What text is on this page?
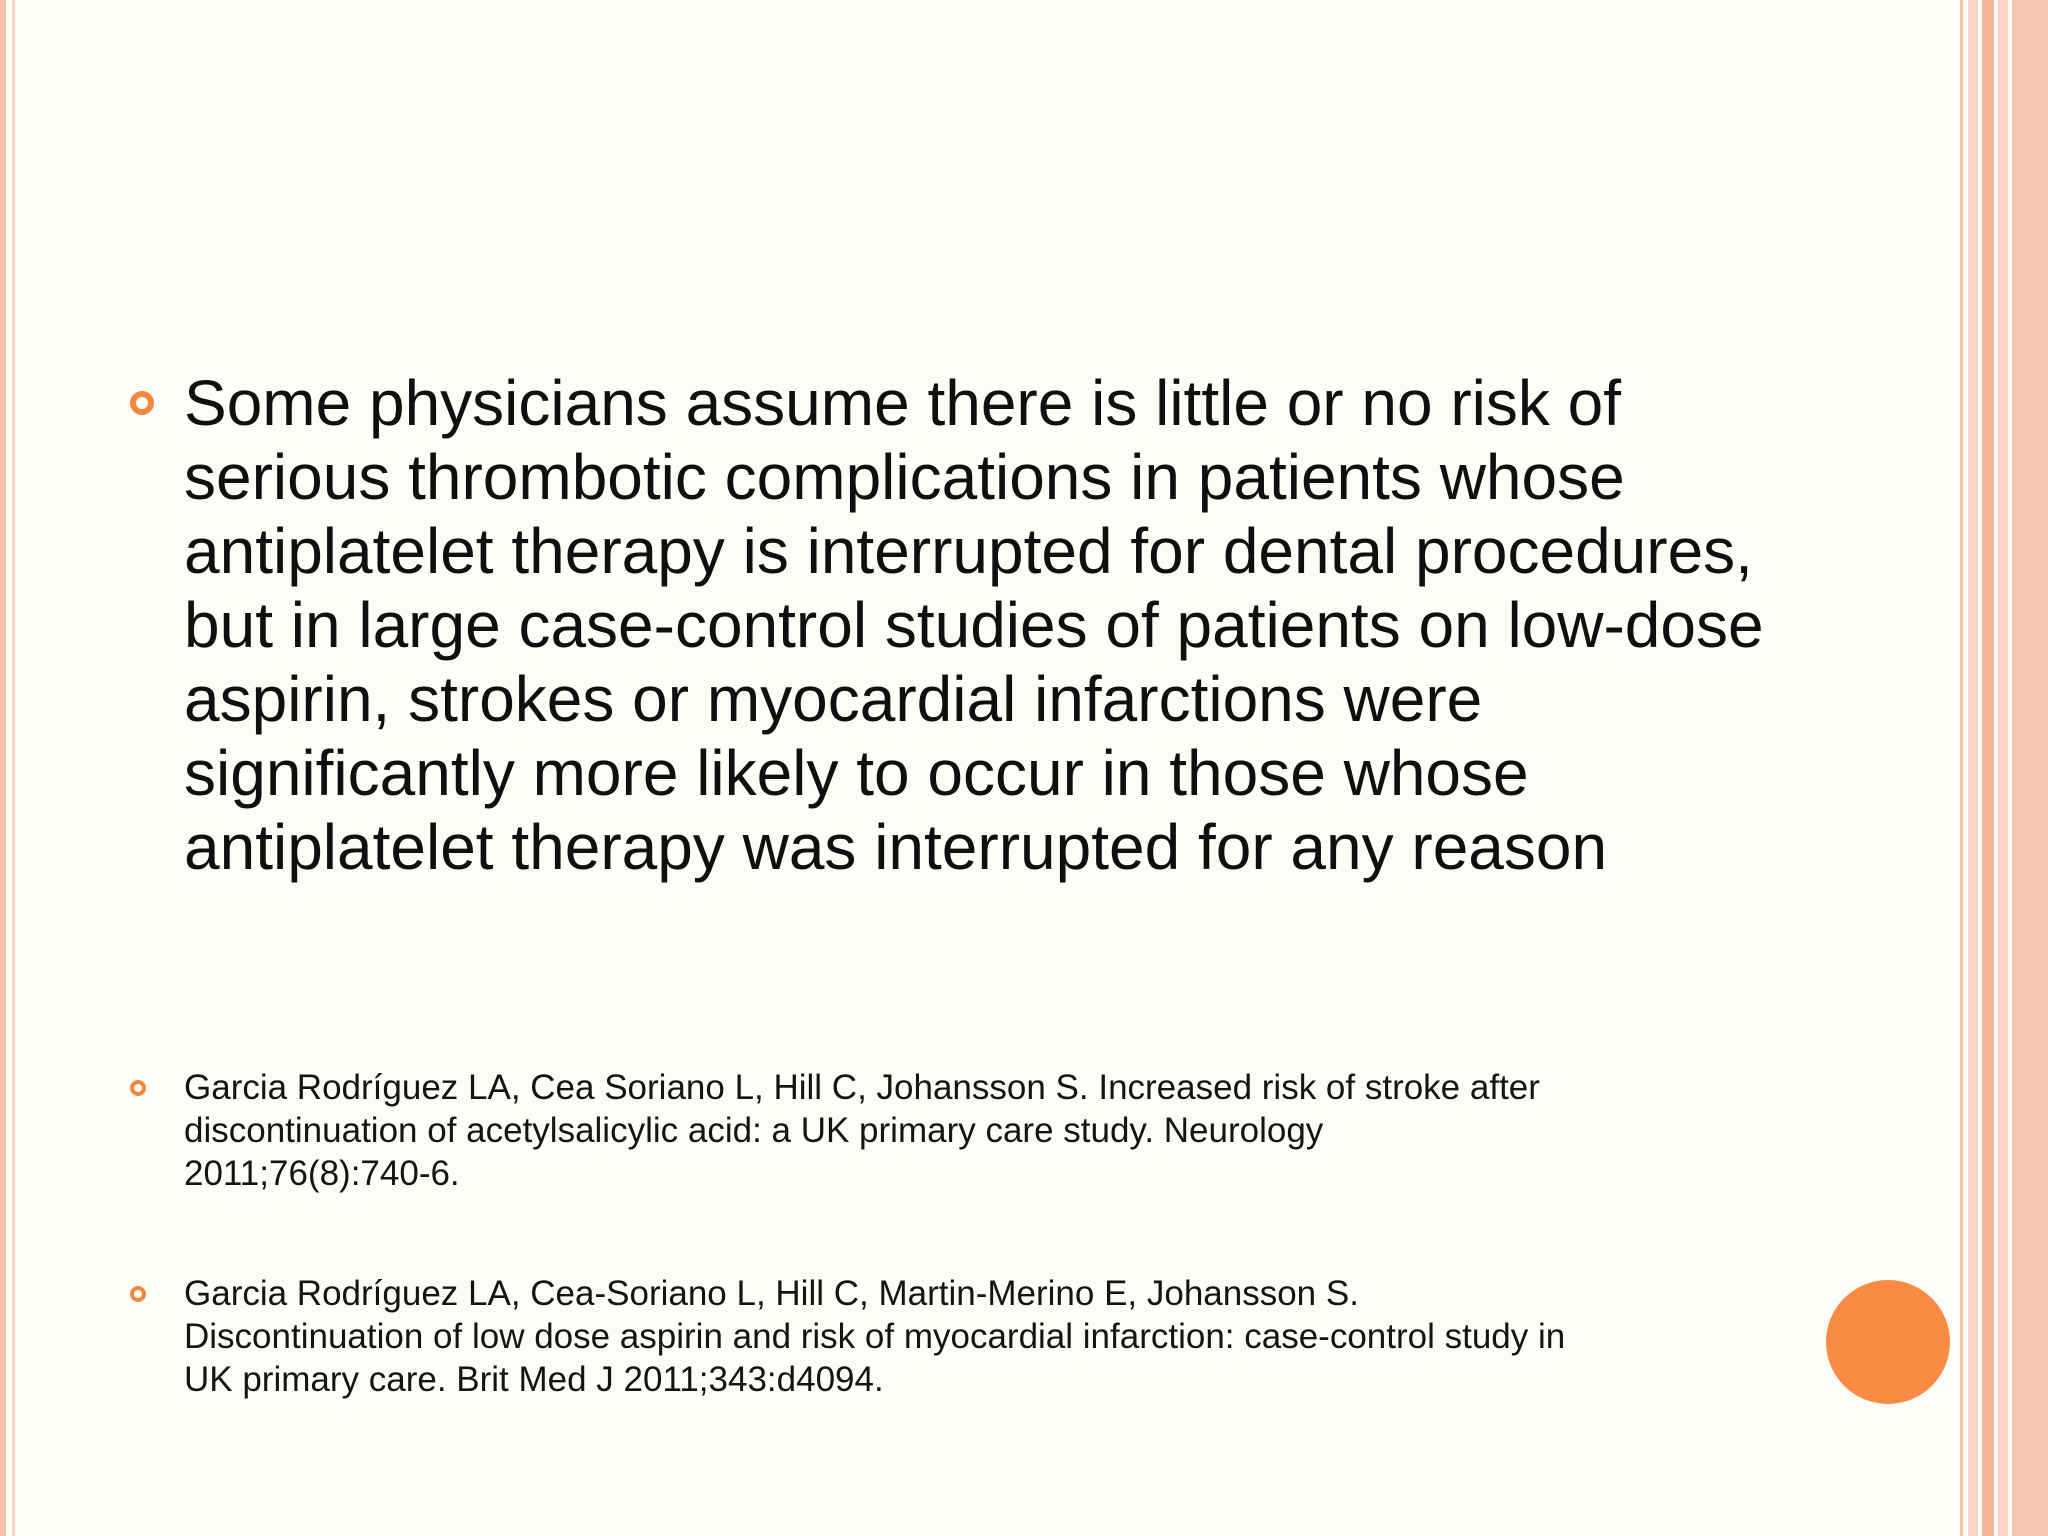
Some physicians assume there is little or no risk of serious thrombotic complications in patients whose antiplatelet therapy is interrupted for dental procedures, but in large case-control studies of patients on low-dose aspirin, strokes or myocardial infarctions were significantly more likely to occur in those whose antiplatelet therapy was interrupted for any reason
Garcia Rodríguez LA, Cea Soriano L, Hill C, Johansson S. Increased risk of stroke after
discontinuation of acetylsalicylic acid: a UK primary care study. Neurology
2011;76(8):740-6.
Garcia Rodríguez LA, Cea-Soriano L, Hill C, Martin-Merino E, Johansson S.
Discontinuation of low dose aspirin and risk of myocardial infarction: case-control study in
UK primary care. Brit Med J 2011;343:d4094.
